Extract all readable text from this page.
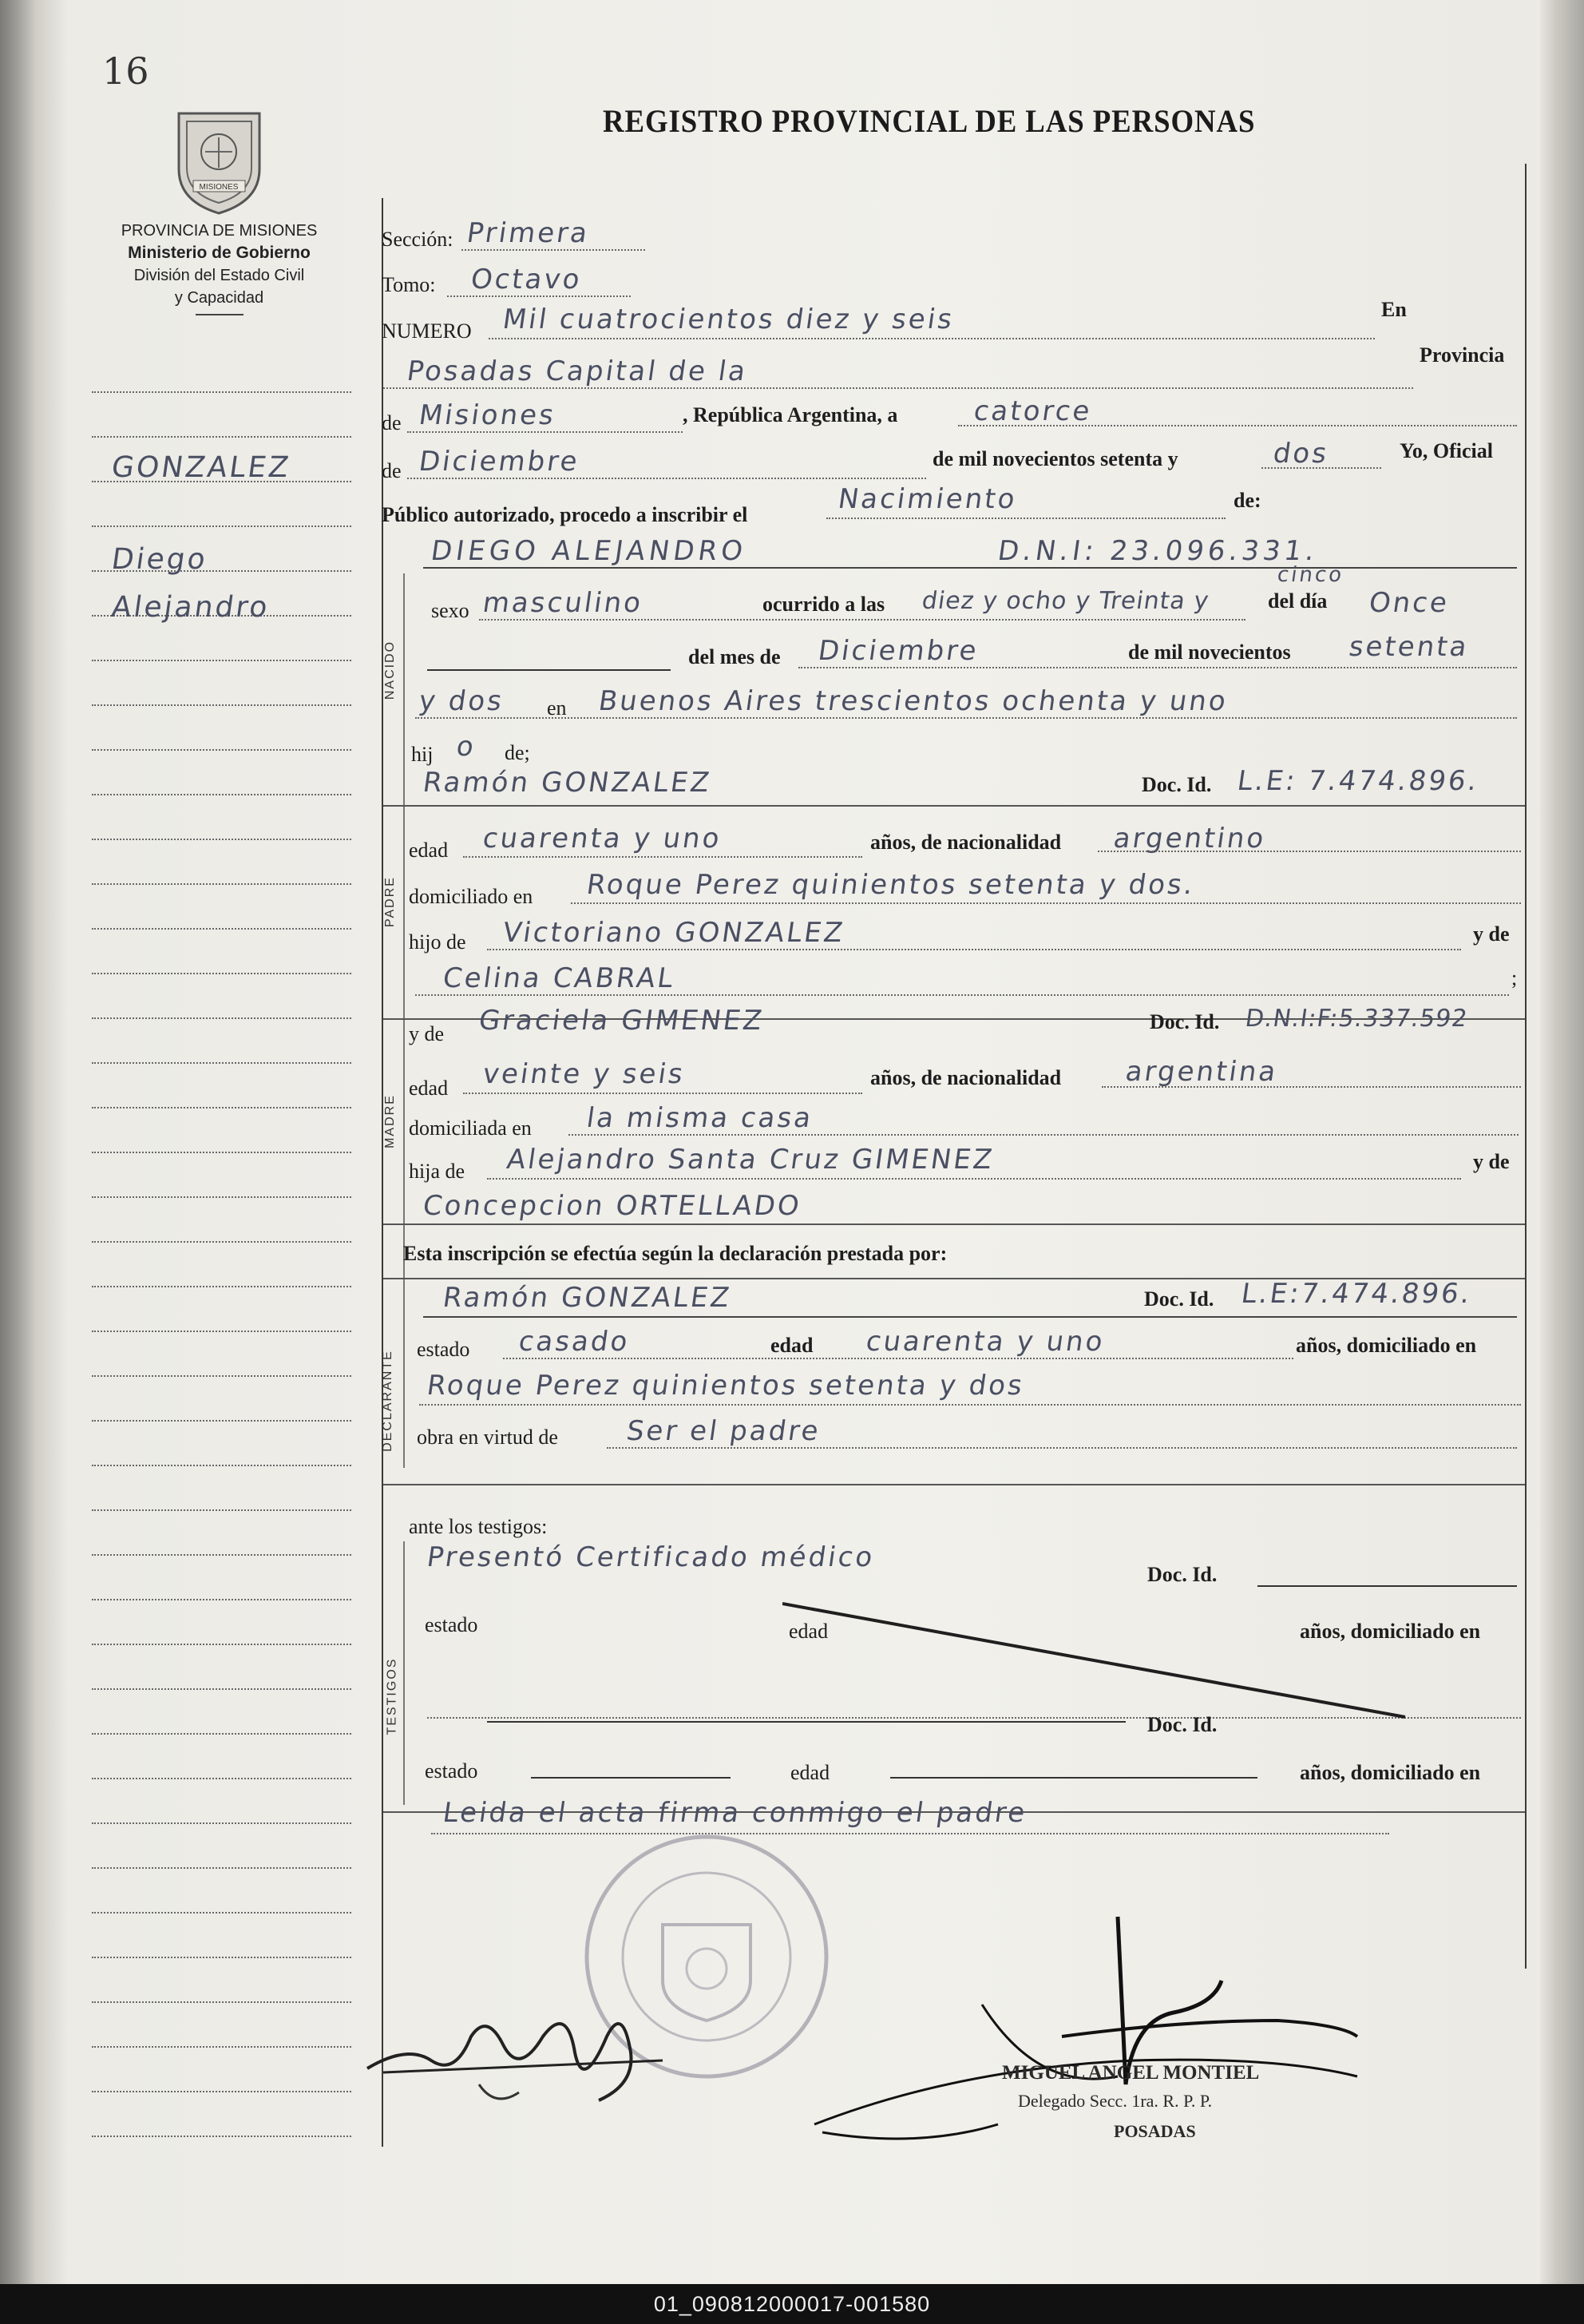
16
REGISTRO PROVINCIAL DE LAS PERSONAS
MISIONES
PROVINCIA DE MISIONES
Ministerio de Gobierno
División del Estado Civil
y Capacidad
GONZALEZ
Diego
Alejandro
NACIDO
PADRE
MADRE
DECLARANTE
TESTIGOS
Sección: Primera
Tomo: Octavo
NUMERO Mil cuatrocientos diez y seis	En
Posadas Capital de la
Provincia
de Misiones	, República Argentina, a	catorce
de Diciembre	de mil novecientos setenta y	dos	Yo, Oficial
Público autorizado, procedo a inscribir el	Nacimiento	de:
DIEGO ALEJANDRO	D.N.I: 23.096.331.
sexo masculino	ocurrido a las diez y ocho y Treinta y
cinco
del día Once
del mes de Diciembre	de mil novecientos setenta
y dos en Buenos Aires trescientos ochenta y uno
hij o de;
Ramón GONZALEZ	Doc. Id. L.E: 7.474.896.
edad cuarenta y uno	años, de nacionalidad argentino
domiciliado en Roque Perez quinientos setenta y dos.
hijo de Victoriano GONZALEZ	y de
Celina CABRAL	;
y de Graciela GIMENEZ	Doc. Id. D.N.I:F:5.337.592
edad veinte y seis	años, de nacionalidad argentina
domiciliada en la misma casa
hija de Alejandro Santa Cruz GIMENEZ	y de
Concepcion ORTELLADO
Esta inscripción se efectúa según la declaración prestada por:
Ramón GONZALEZ	Doc. Id. L.E:7.474.896.
estado casado	edad cuarenta y uno	años, domiciliado en
Roque Perez quinientos setenta y dos
obra en virtud de Ser el padre
ante los testigos:
Presentó Certificado médico
Doc. Id.
estado	edad	años, domiciliado en
Doc. Id.
estado	edad	años, domiciliado en
Leida el acta firma conmigo el padre
MIGUEL ANGEL MONTIEL
Delegado Secc. 1ra. R. P. P.
POSADAS
01_090812000017-001580
